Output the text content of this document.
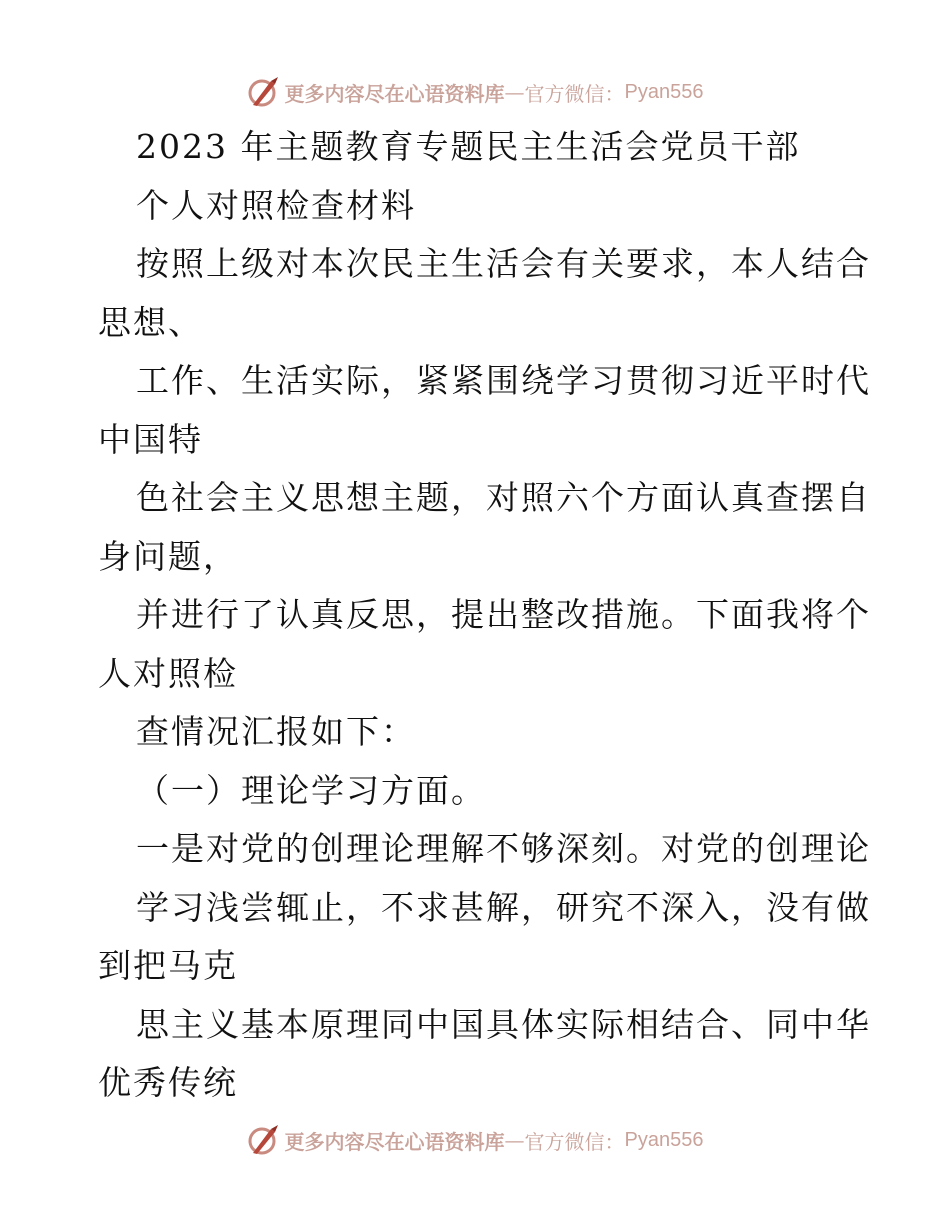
更多内容尽在心语资料库 — 官方微信： Pyan556
2023 年主题教育专题民主生活会党员干部
个人对照检查材料
按照上级对本次民主生活会有关要求，本人结合
思想、
工作、生活实际，紧紧围绕学习贯彻习近平时代
中国特
色社会主义思想主题，对照六个方面认真查摆自
身问题，
并进行了认真反思，提出整改措施。下面我将个
人对照检
查情况汇报如下：
（一）理论学习方面。
一是对党的创理论理解不够深刻。对党的创理论
学习浅尝辄止，不求甚解，研究不深入，没有做
到把马克
思主义基本原理同中国具体实际相结合、同中华
优秀传统
更多内容尽在心语资料库 — 官方微信： Pyan556
